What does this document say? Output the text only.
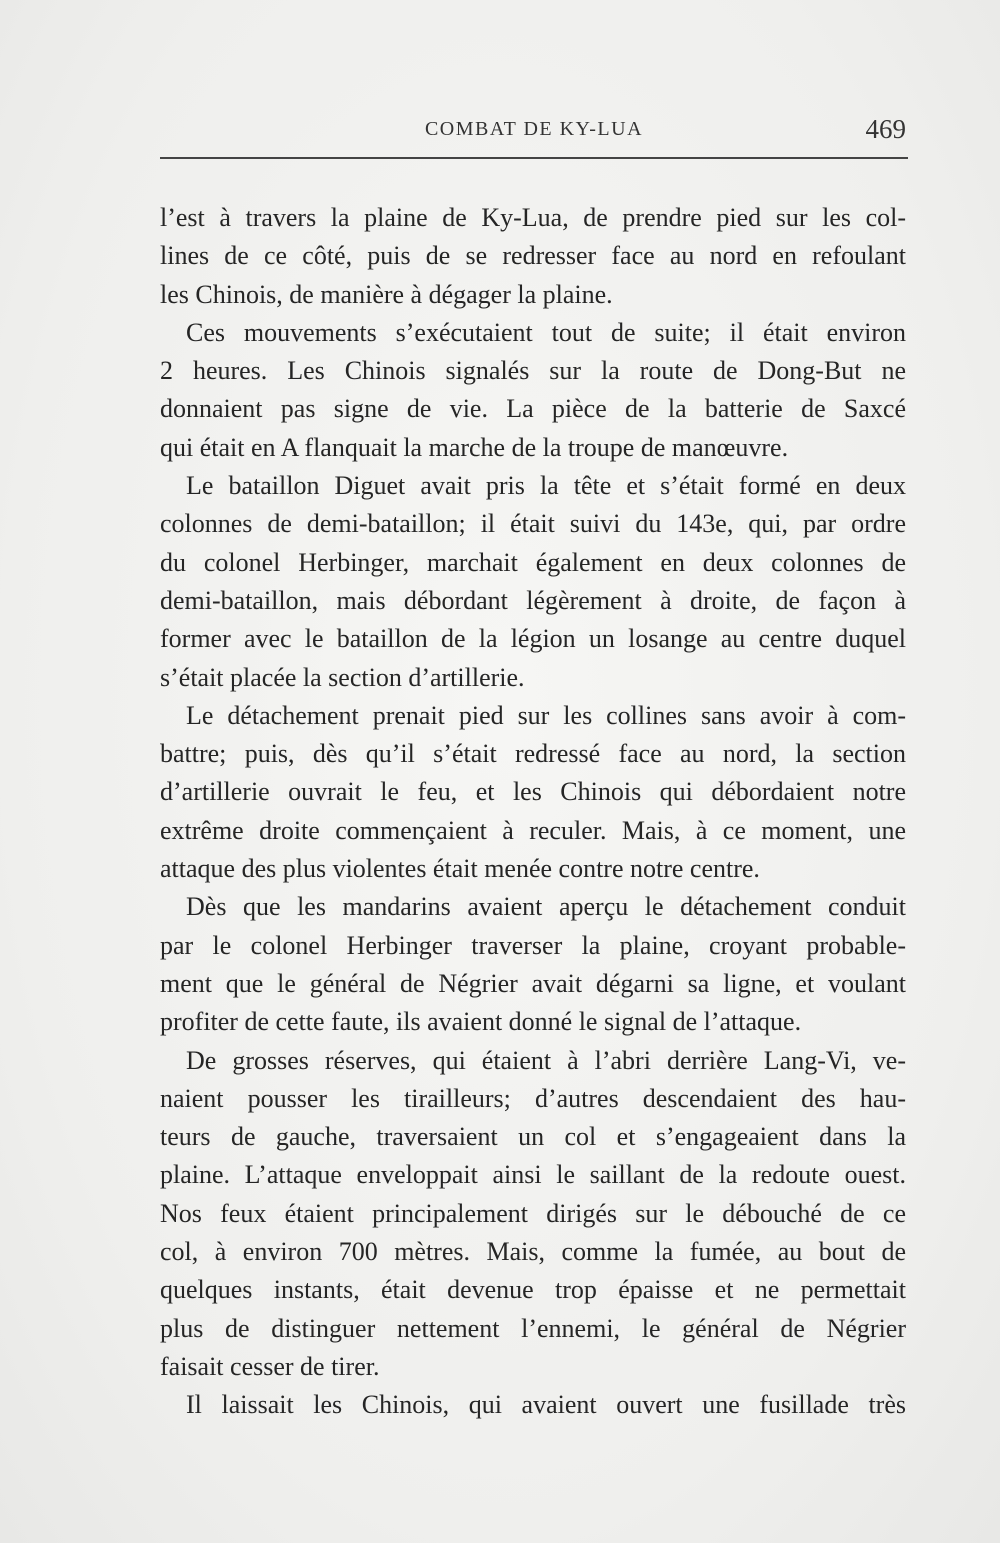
COMBAT DE KY-LUA	469
l’est à travers la plaine de Ky-Lua, de prendre pied sur les col-
lines de ce côté, puis de se redresser face au nord en refoulant
les Chinois, de manière à dégager la plaine.
Ces mouvements s’exécutaient tout de suite; il était environ
2 heures. Les Chinois signalés sur la route de Dong-But ne
donnaient pas signe de vie. La pièce de la batterie de Saxcé
qui était en A flanquait la marche de la troupe de manœuvre.
Le bataillon Diguet avait pris la tête et s’était formé en deux
colonnes de demi-bataillon; il était suivi du 143e, qui, par ordre
du colonel Herbinger, marchait également en deux colonnes de
demi-bataillon, mais débordant légèrement à droite, de façon à
former avec le bataillon de la légion un losange au centre duquel
s’était placée la section d’artillerie.
Le détachement prenait pied sur les collines sans avoir à com-
battre; puis, dès qu’il s’était redressé face au nord, la section
d’artillerie ouvrait le feu, et les Chinois qui débordaient notre
extrême droite commençaient à reculer. Mais, à ce moment, une
attaque des plus violentes était menée contre notre centre.
Dès que les mandarins avaient aperçu le détachement conduit
par le colonel Herbinger traverser la plaine, croyant probable-
ment que le général de Négrier avait dégarni sa ligne, et voulant
profiter de cette faute, ils avaient donné le signal de l’attaque.
De grosses réserves, qui étaient à l’abri derrière Lang-Vi, ve-
naient pousser les tirailleurs; d’autres descendaient des hau-
teurs de gauche, traversaient un col et s’engageaient dans la
plaine. L’attaque enveloppait ainsi le saillant de la redoute ouest.
Nos feux étaient principalement dirigés sur le débouché de ce
col, à environ 700 mètres. Mais, comme la fumée, au bout de
quelques instants, était devenue trop épaisse et ne permettait
plus de distinguer nettement l’ennemi, le général de Négrier
faisait cesser de tirer.
Il laissait les Chinois, qui avaient ouvert une fusillade très
